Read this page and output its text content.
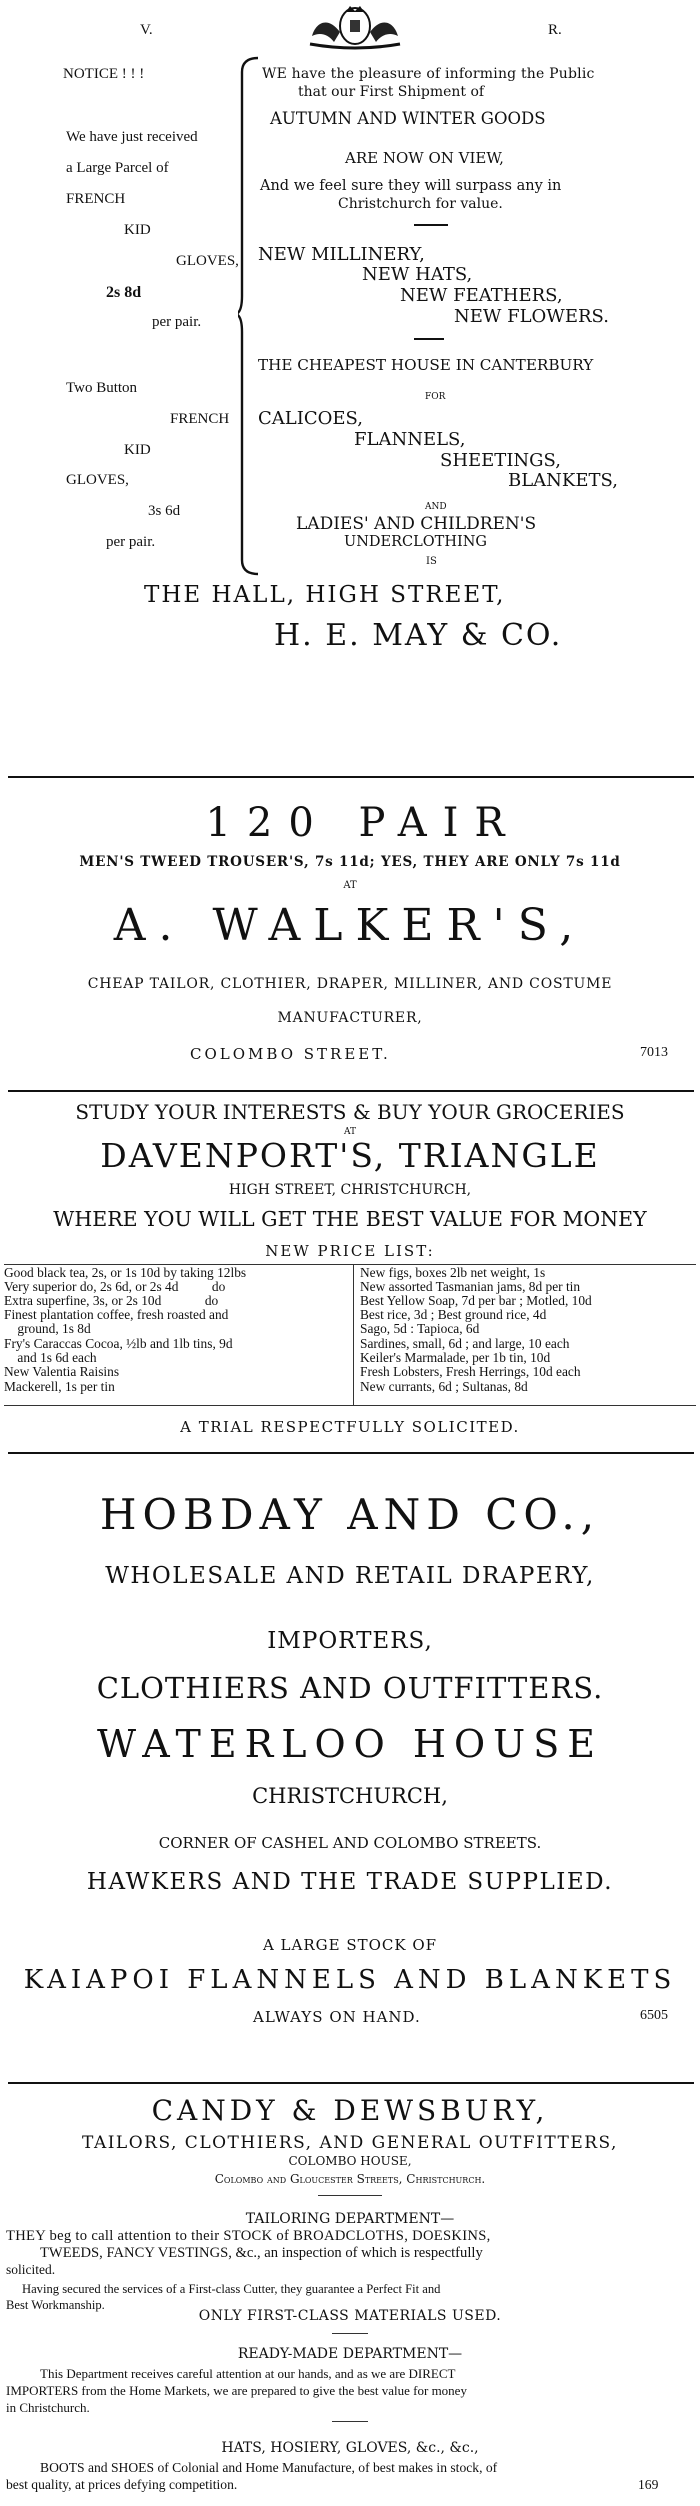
V.	R.
NOTICE ! ! !
We have just received
a Large Parcel of
FRENCH
KID
GLOVES,
2s 8d
per pair.
Two Button
FRENCH
KID
GLOVES,
3s 6d
per pair.
WE have the pleasure of informing the Public
that our First Shipment of
AUTUMN AND WINTER GOODS
ARE NOW ON VIEW,
And we feel sure they will surpass any in
Christchurch for value.
NEW MILLINERY,
NEW HATS,
NEW FEATHERS,
NEW FLOWERS.
THE CHEAPEST HOUSE IN CANTERBURY
FOR
CALICOES,
FLANNELS,
SHEETINGS,
BLANKETS,
AND
LADIES' AND CHILDREN'S
UNDERCLOTHING
IS
THE HALL, HIGH STREET,
H. E. MAY & CO.
120 PAIR
MEN'S TWEED TROUSER'S, 7s 11d; YES, THEY ARE ONLY 7s 11d
AT
A. WALKER'S,
CHEAP TAILOR, CLOTHIER, DRAPER, MILLINER, AND COSTUME
MANUFACTURER,
COLOMBO STREET.	7013
STUDY YOUR INTERESTS & BUY YOUR GROCERIES
AT
DAVENPORT'S, TRIANGLE
HIGH STREET, CHRISTCHURCH,
WHERE YOU WILL GET THE BEST VALUE FOR MONEY
NEW PRICE LIST:
Good black tea, 2s, or 1s 10d by taking 12lbs
Very superior do, 2s 6d, or 2s 4d          do
Extra superfine, 3s, or 2s 10d             do
Finest plantation coffee, fresh roasted and
ground, 1s 8d
Fry's Caraccas Cocoa, ½lb and 1lb tins, 9d
and 1s 6d each
New Valentia Raisins
Mackerell, 1s per tin
New figs, boxes 2lb net weight, 1s
New assorted Tasmanian jams, 8d per tin
Best Yellow Soap, 7d per bar ; Motled, 10d
Best rice, 3d ; Best ground rice, 4d
Sago, 5d : Tapioca, 6d
Sardines, small, 6d ; and large, 10 each
Keiler's Marmalade, per 1b tin, 10d
Fresh Lobsters, Fresh Herrings, 10d each
New currants, 6d ; Sultanas, 8d
A TRIAL RESPECTFULLY SOLICITED.
HOBDAY AND CO.,
WHOLESALE AND RETAIL DRAPERY,
IMPORTERS,
CLOTHIERS AND OUTFITTERS.
WATERLOO HOUSE
CHRISTCHURCH,
CORNER OF CASHEL AND COLOMBO STREETS.
HAWKERS AND THE TRADE SUPPLIED.
A LARGE STOCK OF
KAIAPOI FLANNELS AND BLANKETS
ALWAYS ON HAND.	6505
CANDY & DEWSBURY,
TAILORS, CLOTHIERS, AND GENERAL OUTFITTERS,
COLOMBO HOUSE,
Colombo and Gloucester Streets, Christchurch.
TAILORING DEPARTMENT—
THEY beg to call attention to their STOCK of BROADCLOTHS, DOESKINS,
TWEEDS, FANCY VESTINGS, &c., an inspection of which is respectfully
solicited.
Having secured the services of a First-class Cutter, they guarantee a Perfect Fit and
Best Workmanship.
ONLY FIRST-CLASS MATERIALS USED.
READY-MADE DEPARTMENT—
This Department receives careful attention at our hands, and as we are DIRECT
IMPORTERS from the Home Markets, we are prepared to give the best value for money
in Christchurch.
HATS, HOSIERY, GLOVES, &c., &c.,
BOOTS and SHOES of Colonial and Home Manufacture, of best makes in stock, of
best quality, at prices defying competition.	169
